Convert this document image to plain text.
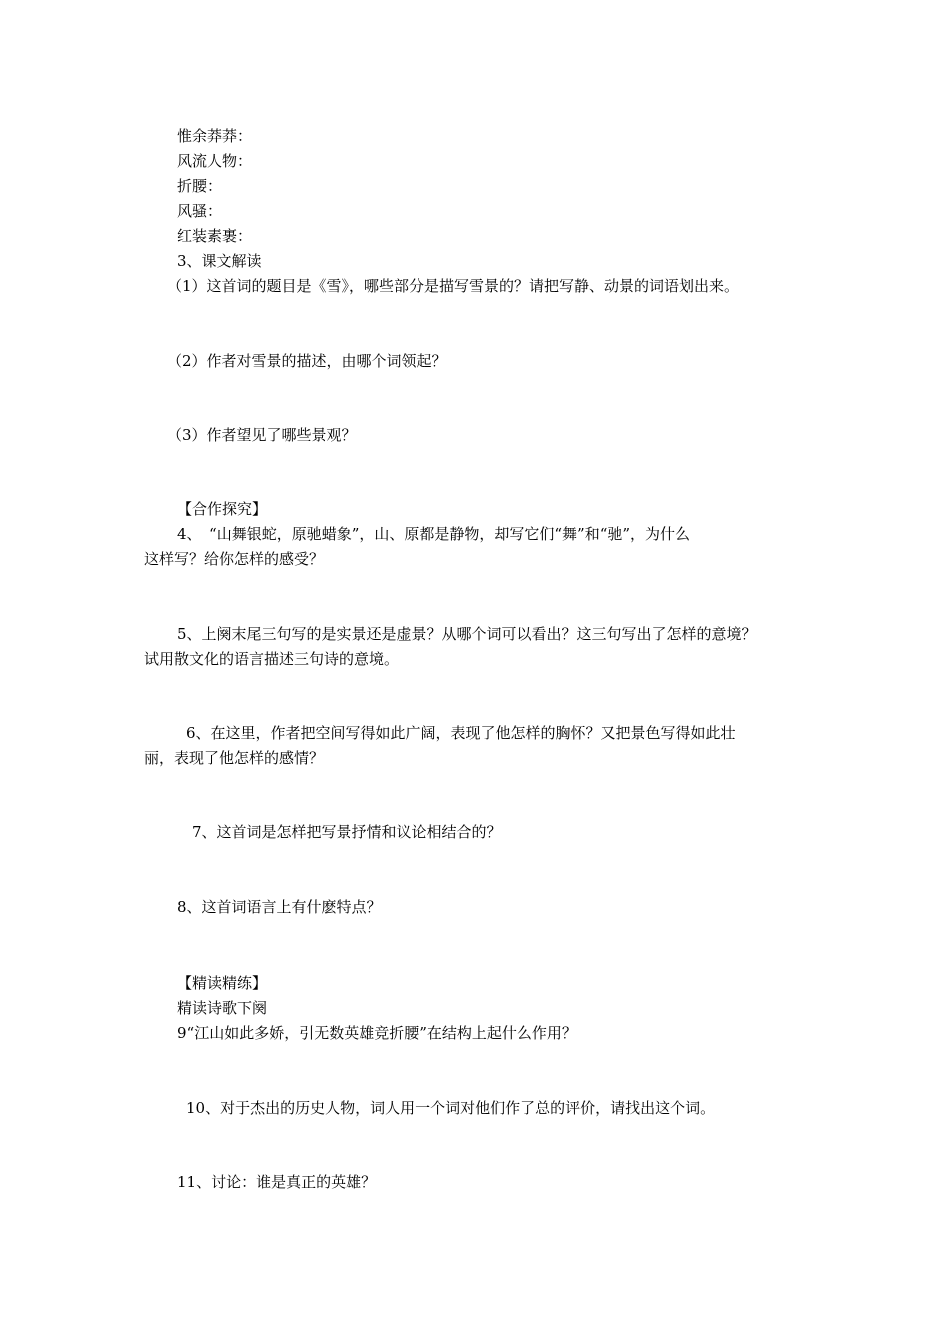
惟余莽莽：
风流人物：
折腰：
风骚：
红装素裹：
3、课文解读
（1）这首词的题目是《雪》，哪些部分是描写雪景的？请把写静、动景的词语划出来。
（2）作者对雪景的描述，由哪个词领起？
（3）作者望见了哪些景观？
【合作探究】
4、　“山舞银蛇，原驰蜡象”，山、原都是静物，却写它们“舞”和“驰”，为什么
这样写？给你怎样的感受？
5、上阕末尾三句写的是实景还是虚景？从哪个词可以看出？这三句写出了怎样的意境？
试用散文化的语言描述三句诗的意境。
6、在这里，作者把空间写得如此广阔，表现了他怎样的胸怀？又把景色写得如此壮
丽，表现了他怎样的感情？
7、这首词是怎样把写景抒情和议论相结合的？
8、这首词语言上有什麽特点？
【精读精练】
精读诗歌下阕
9“江山如此多娇，引无数英雄竞折腰”在结构上起什么作用？
10、对于杰出的历史人物，词人用一个词对他们作了总的评价，请找出这个词。
11、讨论：谁是真正的英雄？
